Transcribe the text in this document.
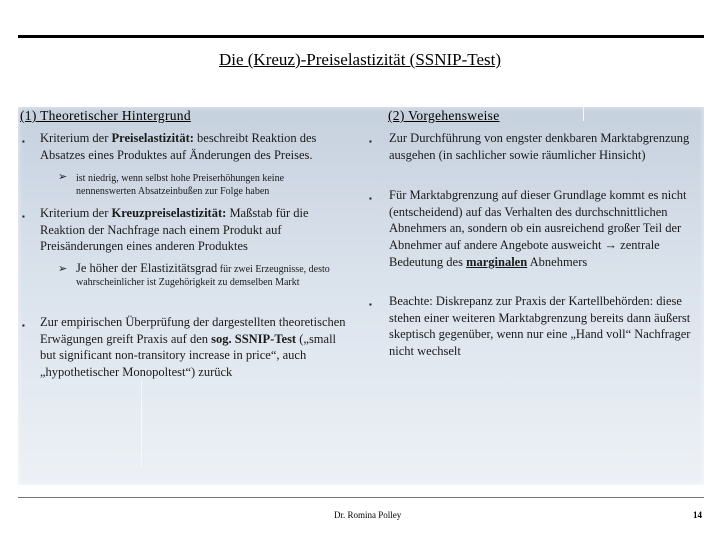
Die (Kreuz)-Preiselastizität (SSNIP-Test)
(1) Theoretischer Hintergrund
▪ Kriterium der Preiselastizität: beschreibt Reaktion des Absatzes eines Produktes auf Änderungen des Preises.
➢ ist niedrig, wenn selbst hohe Preiserhöhungen keine nennenswerten Absatzeinbußen zur Folge haben
▪ Kriterium der Kreuzpreiselastizität: Maßstab für die Reaktion der Nachfrage nach einem Produkt auf Preisänderungen eines anderen Produktes
➢ Je höher der Elastizitätsgrad für zwei Erzeugnisse, desto wahrscheinlicher ist Zugehörigkeit zu demselben Markt
▪ Zur empirischen Überprüfung der dargestellten theoretischen Erwägungen greift Praxis auf den sog. SSNIP-Test („small but significant non-transitory increase in price“, auch „hypothetischer Monopoltest“) zurück
(2) Vorgehensweise
▪ Zur Durchführung von engster denkbaren Marktabgrenzung ausgehen (in sachlicher sowie räumlicher Hinsicht)
▪ Für Marktabgrenzung auf dieser Grundlage kommt es nicht (entscheidend) auf das Verhalten des durchschnittlichen Abnehmers an, sondern ob ein ausreichend großer Teil der Abnehmer auf andere Angebote ausweicht → zentrale Bedeutung des marginalen Abnehmers
▪ Beachte: Diskrepanz zur Praxis der Kartellbehörden: diese stehen einer weiteren Marktabgrenzung bereits dann äußerst skeptisch gegenüber, wenn nur eine „Hand voll“ Nachfrager nicht wechselt
Dr. Romina Polley	14
